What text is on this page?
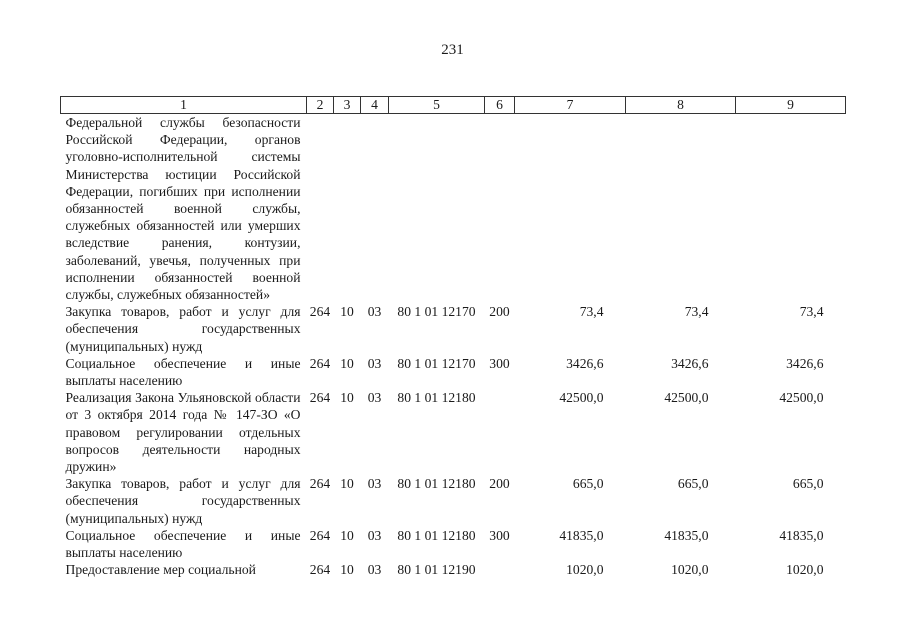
231
1	2	3	4	5	6	7	8	9
Федеральной службы безопасности Российской Федерации, органов уголовно-исполнительной системы Министерства юстиции Российской Федерации, погибших при исполнении обязанностей военной службы, служебных обязанностей или умерших вследствие ранения, контузии, заболеваний, увечья, полученных при исполнении обязанностей военной службы, служебных обязанностей»								
Закупка товаров, работ и услуг для обеспечения государственных (муниципальных) нужд	264	10	03	80 1 01 12170	200	73,4	73,4	73,4
Социальное обеспечение и иные выплаты населению	264	10	03	80 1 01 12170	300	3426,6	3426,6	3426,6
Реализация Закона Ульяновской области от 3 октября 2014 года № 147-ЗО «О правовом регулировании отдельных вопросов деятельности народных дружин»	264	10	03	80 1 01 12180		42500,0	42500,0	42500,0
Закупка товаров, работ и услуг для обеспечения государственных (муниципальных) нужд	264	10	03	80 1 01 12180	200	665,0	665,0	665,0
Социальное обеспечение и иные выплаты населению	264	10	03	80 1 01 12180	300	41835,0	41835,0	41835,0
Предоставление мер социальной	264	10	03	80 1 01 12190		1020,0	1020,0	1020,0
